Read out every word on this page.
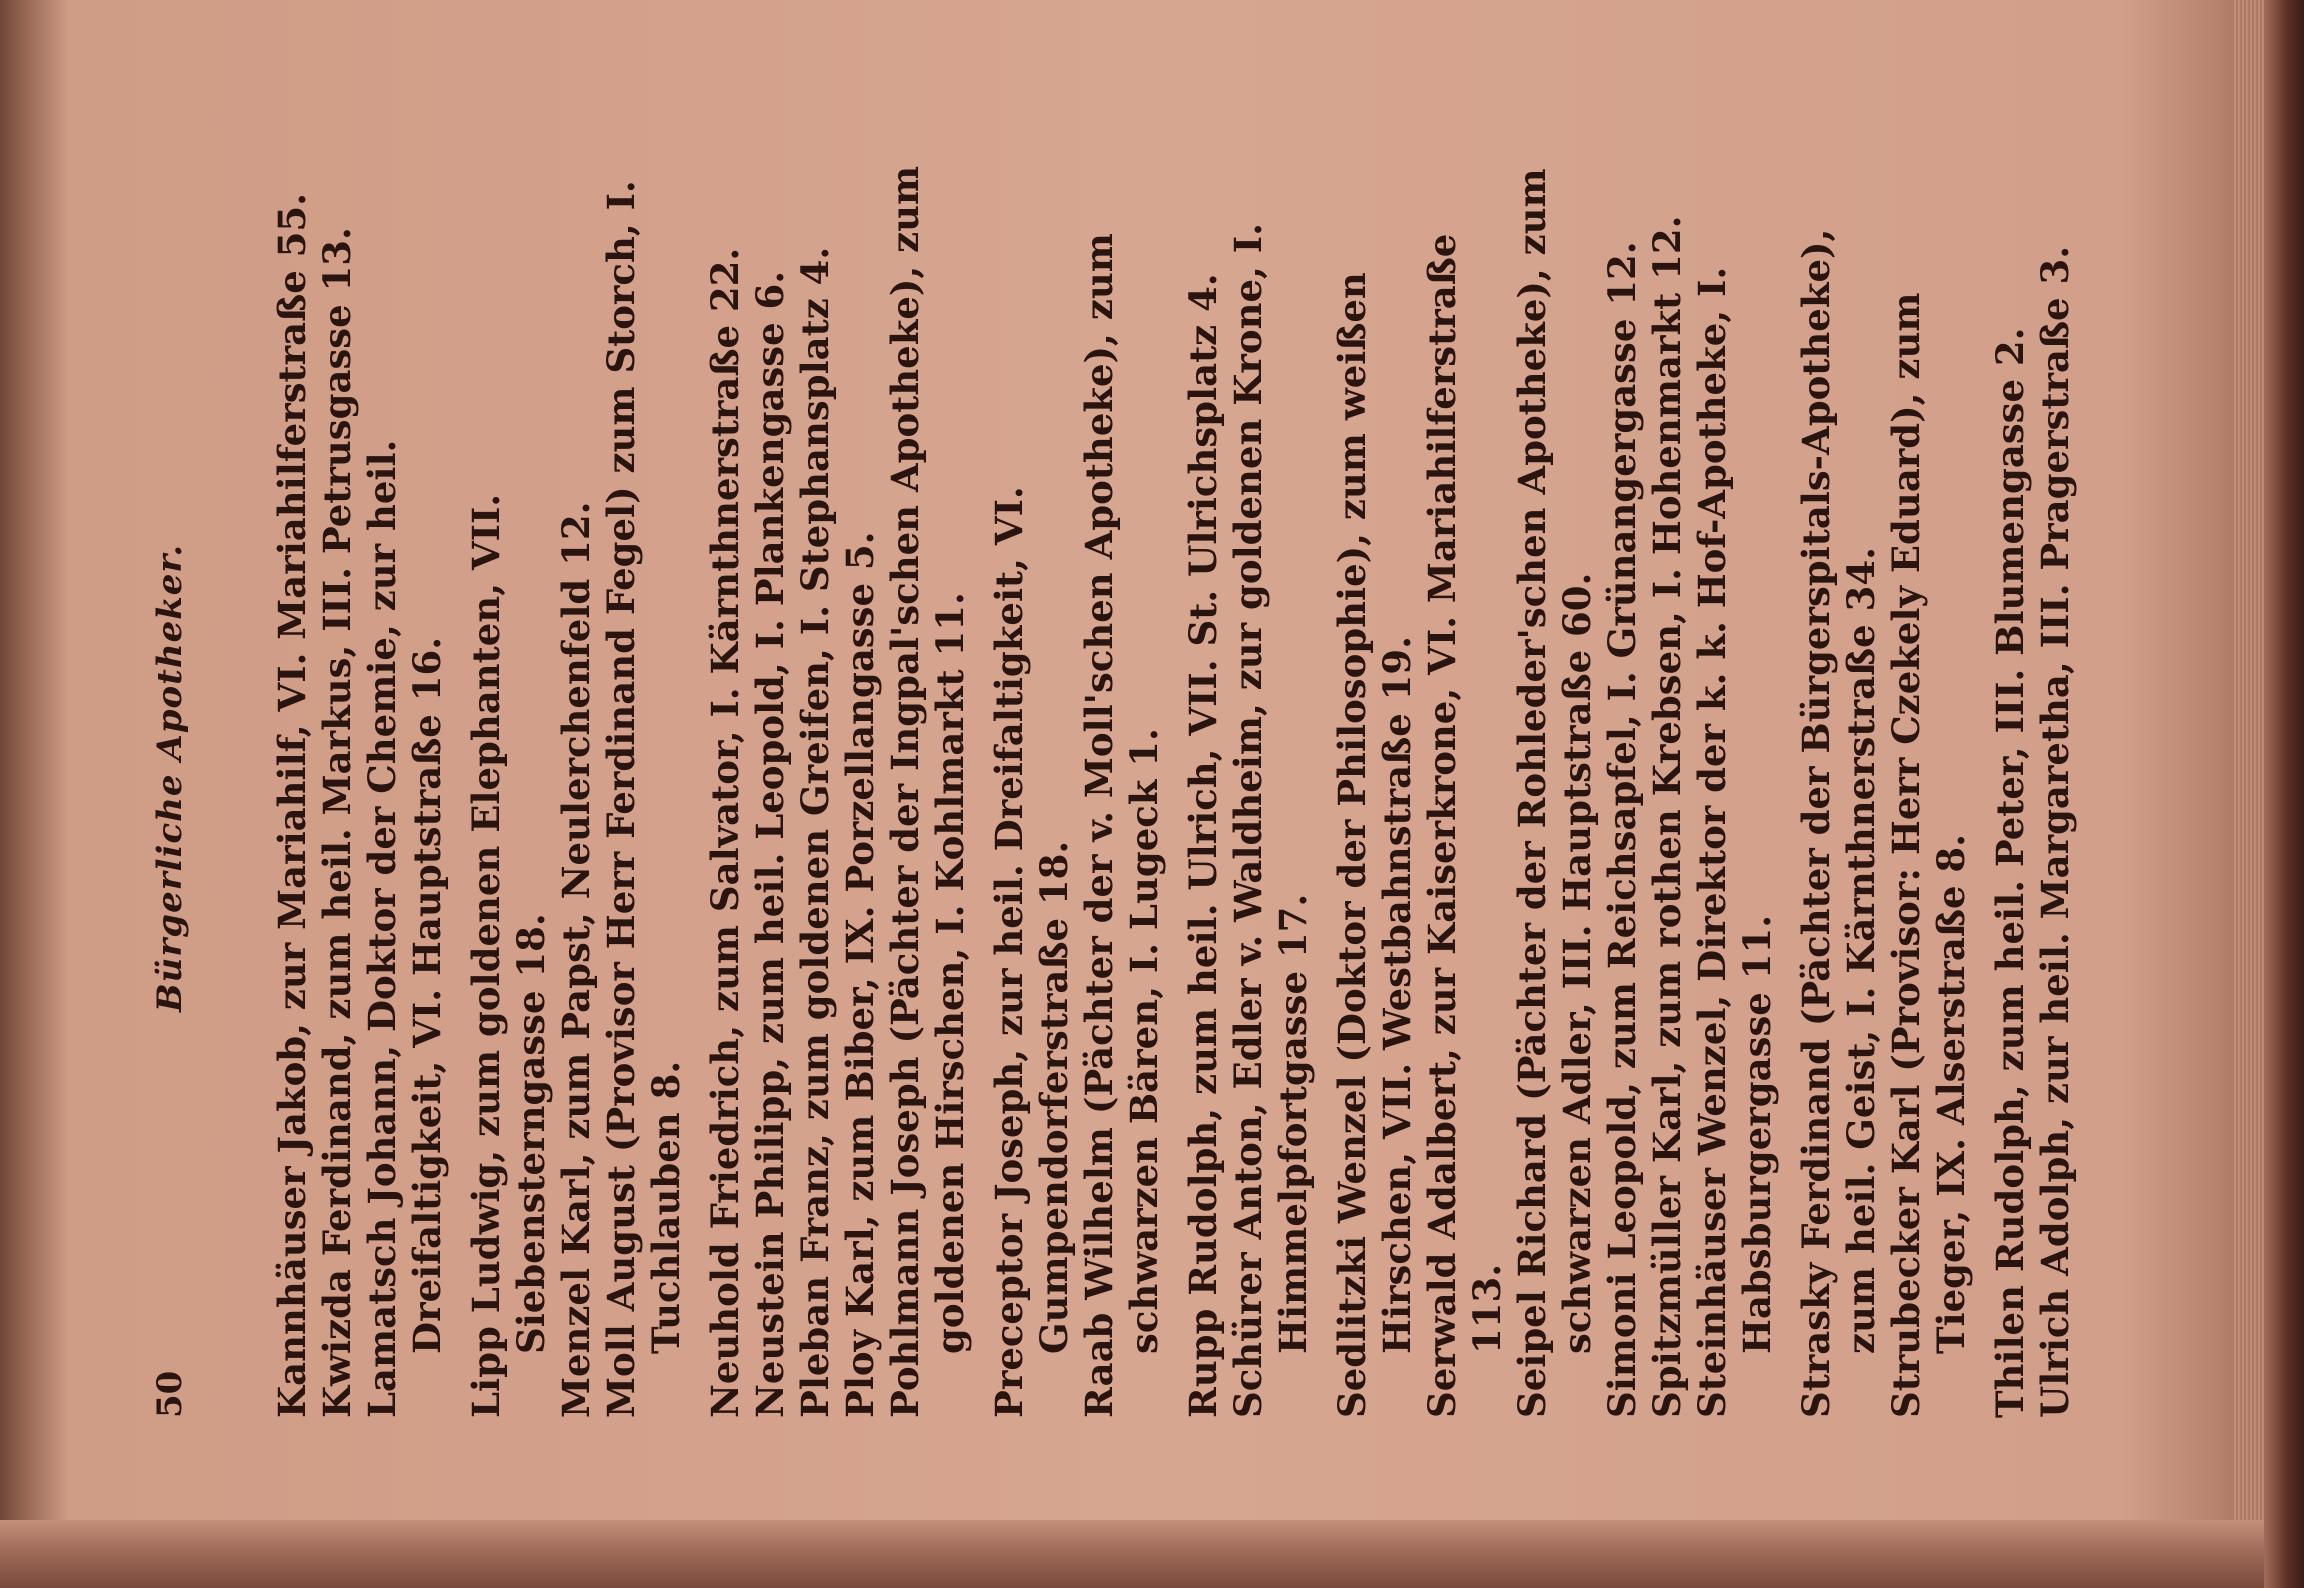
50
Bürgerliche Apotheker.

Kannhäuser Jakob, zur Mariahilf, VI. Mariahilferstraße 55.

Kwizda Ferdinand, zum heil. Markus, III. Petrusgasse 13.

Lamatsch Johann, Doktor der Chemie, zur heil. Dreifaltigkeit, VI. Hauptstraße 16. Lipp Ludwig, zum goldenen Elephanten, VII. Siebensterngasse 18. Menzel Karl, zum Papst, Neulerchenfeld 12.

Moll August (Provisor Herr Ferdinand Fegel) zum Storch, I. Tuchlauben 8. Neuhold Friedrich, zum Salvator, I. Kärnthnerstraße 22.

Neustein Philipp, zum heil. Leopold, I. Plankengasse 6.

Pleban Franz, zum goldenen Greifen, I. Stephansplatz 4.

Ploy Karl, zum Biber, IX. Porzellangasse 5.

Pohlmann Joseph (Pächter der Ingpal'schen Apotheke), zum goldenen Hirschen, I. Kohlmarkt 11. Preceptor Joseph, zur heil. Dreifaltigkeit, VI. Gumpendorferstraße 18. Raab Wilhelm (Pächter der v. Moll'schen Apotheke), zum schwarzen Bären, I. Lugeck 1. Rupp Rudolph, zum heil. Ulrich, VII. St. Ulrichsplatz 4.

Schürer Anton, Edler v. Waldheim, zur goldenen Krone, I. Himmelpfortgasse 17. Sedlitzki Wenzel (Doktor der Philosophie), zum weißen Hirschen, VII. Westbahnstraße 19. Serwald Adalbert, zur Kaiserkrone, VI. Mariahilferstraße 113. Seipel Richard (Pächter der Rohleder'schen Apotheke), zum schwarzen Adler, III. Hauptstraße 60. Simoni Leopold, zum Reichsapfel, I. Grünangergasse 12.

Spitzmüller Karl, zum rothen Krebsen, I. Hohenmarkt 12.

Steinhäuser Wenzel, Direktor der k. k. Hof-Apotheke, I. Habsburgergasse 11. Strasky Ferdinand (Pächter der Bürgerspitals-Apotheke), zum heil. Geist, I. Kärnthnerstraße 34. Strubecker Karl (Provisor: Herr Czekely Eduard), zum Tieger, IX. Alserstraße 8. Thilen Rudolph, zum heil. Peter, III. Blumengasse 2.

Ulrich Adolph, zur heil. Margaretha, III. Pragerstraße 3.
